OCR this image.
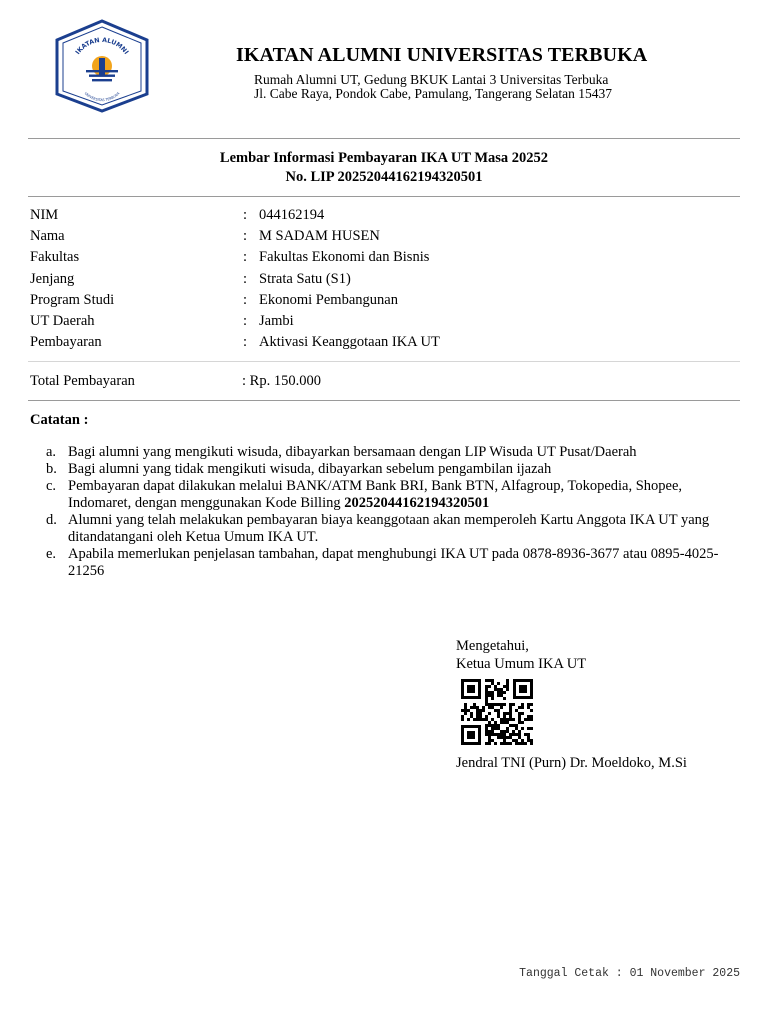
IKATAN ALUMNI
UNIVERSITAS TERBUKA
IKATAN ALUMNI UNIVERSITAS TERBUKA
Rumah Alumni UT, Gedung BKUK Lantai 3 Universitas Terbuka
Jl. Cabe Raya, Pondok Cabe, Pamulang, Tangerang Selatan 15437
Lembar Informasi Pembayaran IKA UT Masa 20252
No. LIP 20252044162194320501
NIM	: 044162194
Nama	: M SADAM HUSEN
Fakultas	: Fakultas Ekonomi dan Bisnis
Jenjang	: Strata Satu (S1)
Program Studi	: Ekonomi Pembangunan
UT Daerah	: Jambi
Pembayaran	: Aktivasi Keanggotaan IKA UT
Total Pembayaran	: Rp. 150.000
Catatan :
a. Bagi alumni yang mengikuti wisuda, dibayarkan bersamaan dengan LIP Wisuda UT Pusat/Daerah
b. Bagi alumni yang tidak mengikuti wisuda, dibayarkan sebelum pengambilan ijazah
c. Pembayaran dapat dilakukan melalui BANK/ATM Bank BRI, Bank BTN, Alfagroup, Tokopedia, Shopee, Indomaret, dengan menggunakan Kode Billing 20252044162194320501
d. Alumni yang telah melakukan pembayaran biaya keanggotaan akan memperoleh Kartu Anggota IKA UT yang ditandatangani oleh Ketua Umum IKA UT.
e. Apabila memerlukan penjelasan tambahan, dapat menghubungi IKA UT pada 0878-8936-3677 atau 0895-4025-21256
Mengetahui,
Ketua Umum IKA UT
Jendral TNI (Purn) Dr. Moeldoko, M.Si
Tanggal Cetak : 01 November 2025
